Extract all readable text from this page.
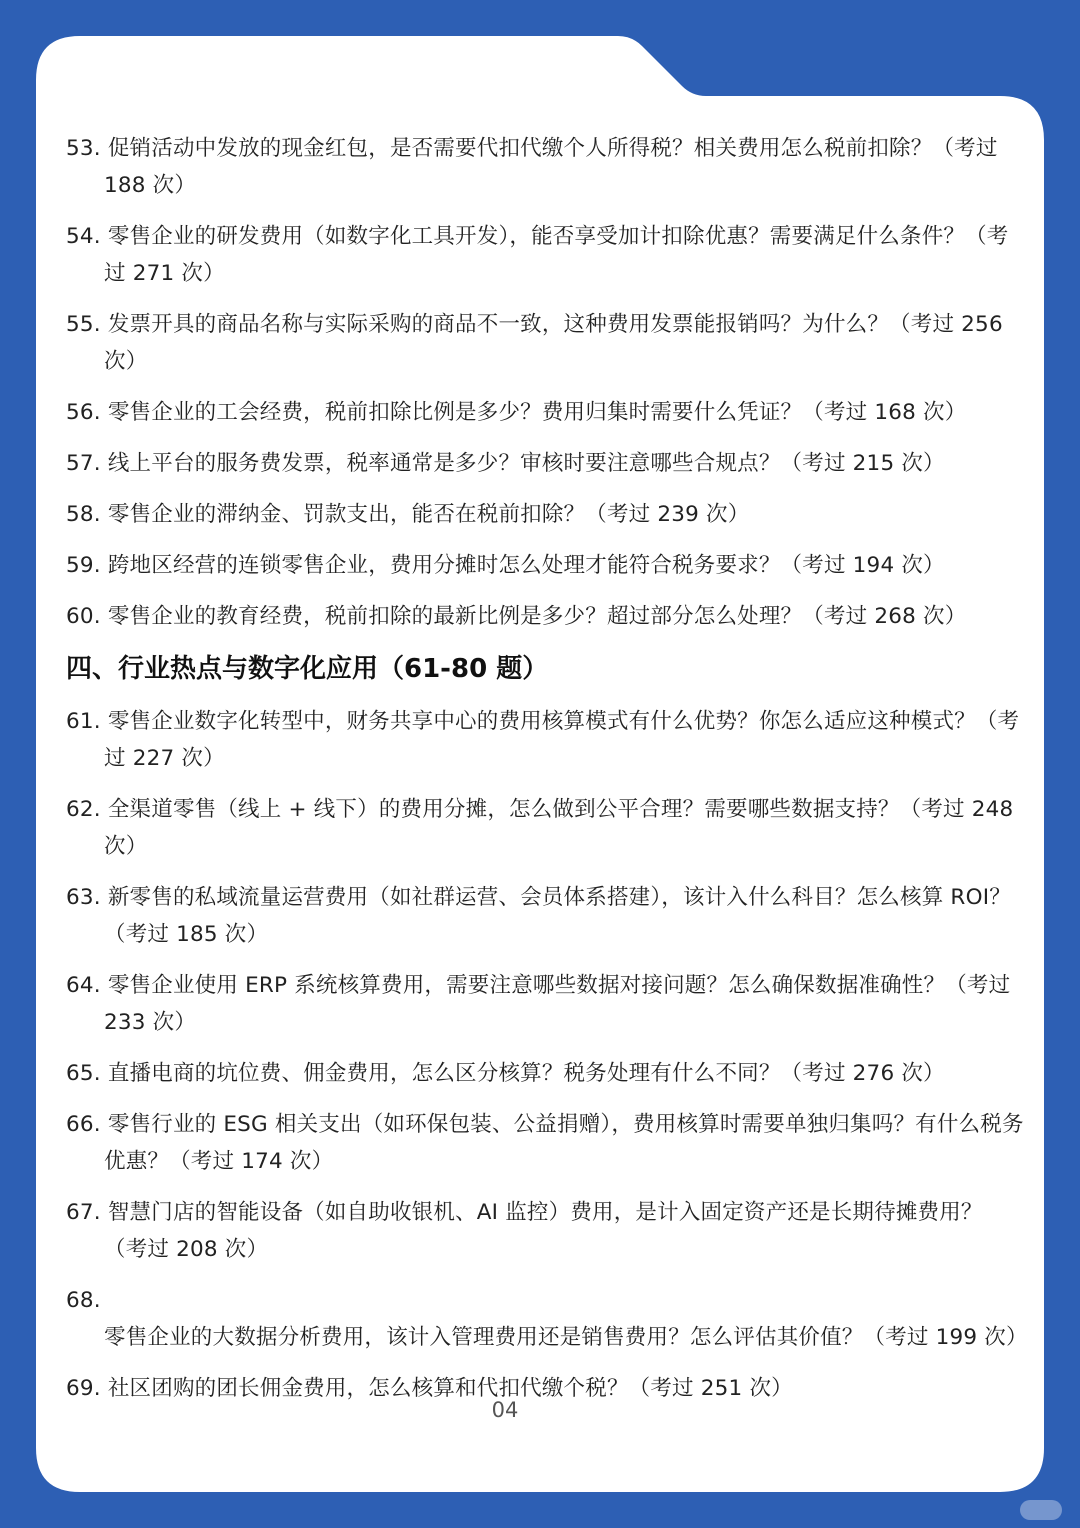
53. 促销活动中发放的现金红包，是否需要代扣代缴个人所得税？相关费用怎么税前扣除？（考过 188 次）
54. 零售企业的研发费用（如数字化工具开发），能否享受加计扣除优惠？需要满足什么条件？（考过 271 次）
55. 发票开具的商品名称与实际采购的商品不一致，这种费用发票能报销吗？为什么？（考过 256 次）
56. 零售企业的工会经费，税前扣除比例是多少？费用归集时需要什么凭证？（考过 168 次）
57. 线上平台的服务费发票，税率通常是多少？审核时要注意哪些合规点？（考过 215 次）
58. 零售企业的滞纳金、罚款支出，能否在税前扣除？（考过 239 次）
59. 跨地区经营的连锁零售企业，费用分摊时怎么处理才能符合税务要求？（考过 194 次）
60. 零售企业的教育经费，税前扣除的最新比例是多少？超过部分怎么处理？（考过 268 次）
四、行业热点与数字化应用（61-80 题）
61. 零售企业数字化转型中，财务共享中心的费用核算模式有什么优势？你怎么适应这种模式？（考过 227 次）
62. 全渠道零售（线上 + 线下）的费用分摊，怎么做到公平合理？需要哪些数据支持？（考过 248 次）
63. 新零售的私域流量运营费用（如社群运营、会员体系搭建），该计入什么科目？怎么核算 ROI？（考过 185 次）
64. 零售企业使用 ERP 系统核算费用，需要注意哪些数据对接问题？怎么确保数据准确性？（考过 233 次）
65. 直播电商的坑位费、佣金费用，怎么区分核算？税务处理有什么不同？（考过 276 次）
66. 零售行业的 ESG 相关支出（如环保包装、公益捐赠），费用核算时需要单独归集吗？有什么税务优惠？（考过 174 次）
67. 智慧门店的智能设备（如自助收银机、AI 监控）费用，是计入固定资产还是长期待摊费用？（考过 208 次）
68. 零售企业的大数据分析费用，该计入管理费用还是销售费用？怎么评估其价值？（考过 199 次）
69. 社区团购的团长佣金费用，怎么核算和代扣代缴个税？（考过 251 次）
04
